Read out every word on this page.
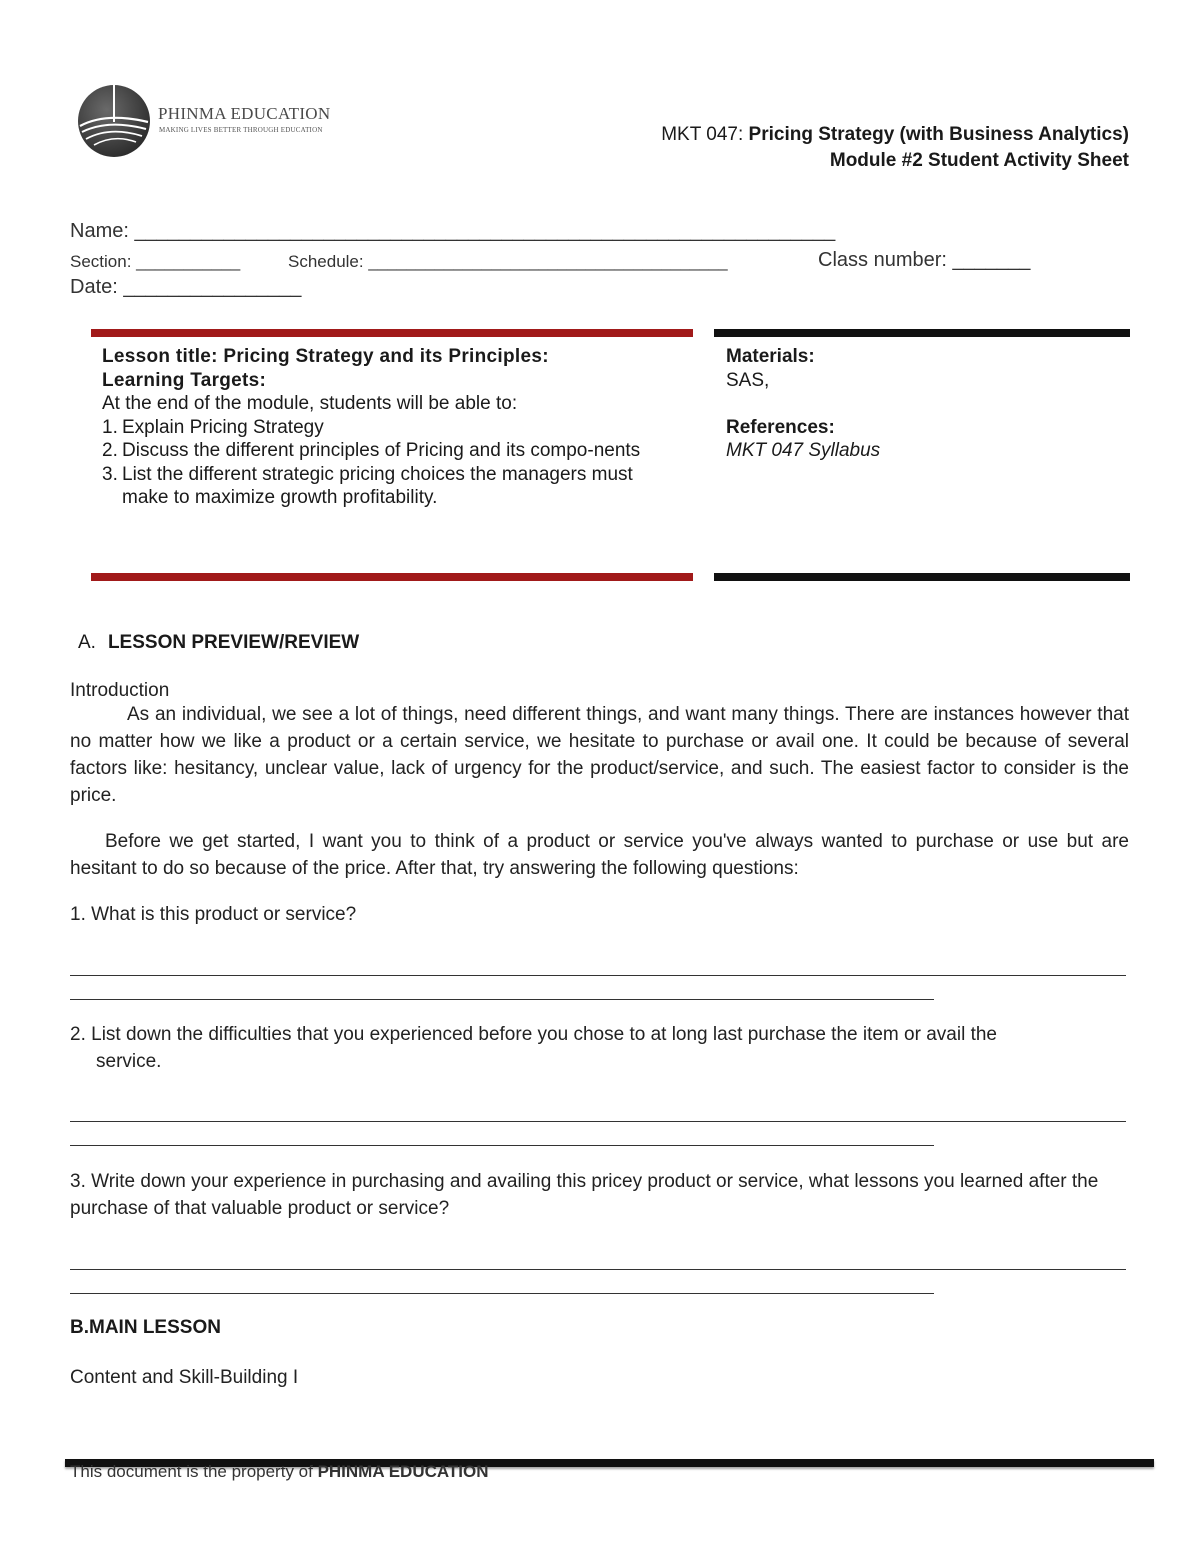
PHINMA EDUCATION
MAKING LIVES BETTER THROUGH EDUCATION	MKT 047: Pricing Strategy (with Business Analytics)
Module #2 Student Activity Sheet
Name: _______________________________________________________________
Section: ___________	Schedule: ______________________________________	Class number: _______
Date: ________________
Lesson title: Pricing Strategy and its Principles:
Learning Targets:
At the end of the module, students will be able to:
1. Explain Pricing Strategy
2. Discuss the different principles of Pricing and its compo-nents
3. List the different strategic pricing choices the managers must make to maximize growth profitability.
Materials:
SAS,
References:
MKT 047 Syllabus
A. LESSON PREVIEW/REVIEW
Introduction
As an individual, we see a lot of things, need different things, and want many things. There are instances however that no matter how we like a product or a certain service, we hesitate to purchase or avail one. It could be because of several factors like: hesitancy, unclear value, lack of urgency for the product/service, and such. The easiest factor to consider is the price.
Before we get started, I want you to think of a product or service you've always wanted to purchase or use but are hesitant to do so because of the price. After that, try answering the following questions:
1. What is this product or service?
2. List down the difficulties that you experienced before you chose to at long last purchase the item or avail the
service.
3. Write down your experience in purchasing and availing this pricey product or service, what lessons you learned after the purchase of that valuable product or service?
B.MAIN LESSON
Content and Skill-Building I
This document is the property of PHINMA EDUCATION
